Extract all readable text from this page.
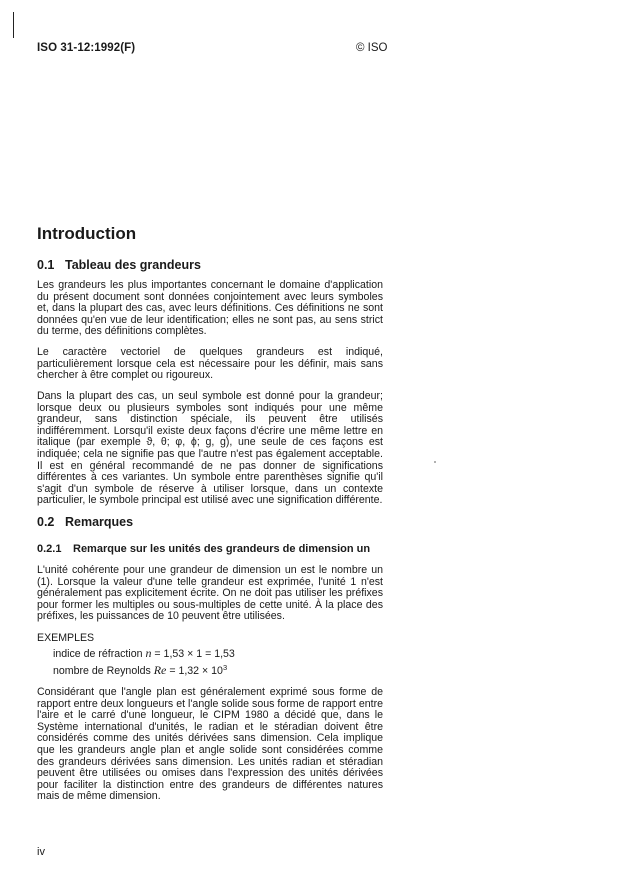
ISO 31-12:1992(F)	© ISO
Introduction
0.1 Tableau des grandeurs

Les grandeurs les plus importantes concernant le domaine d'application du présent document sont données conjointement avec leurs symboles et, dans la plupart des cas, avec leurs définitions. Ces définitions ne sont données qu'en vue de leur identification; elles ne sont pas, au sens strict du terme, des définitions complètes.

Le caractère vectoriel de quelques grandeurs est indiqué, particulièrement lorsque cela est nécessaire pour les définir, mais sans chercher à être complet ou rigoureux.

Dans la plupart des cas, un seul symbole est donné pour la grandeur; lorsque deux ou plusieurs symboles sont indiqués pour une même grandeur, sans distinction spéciale, ils peuvent être utilisés indifféremment. Lorsqu'il existe deux façons d'écrire une même lettre en italique (par exemple ϑ, θ; φ, ϕ; g, g), une seule de ces façons est indiquée; cela ne signifie pas que l'autre n'est pas également acceptable. Il est en général recommandé de ne pas donner de significations différentes à ces variantes. Un symbole entre parenthèses signifie qu'il s'agit d'un symbole de réserve à utiliser lorsque, dans un contexte particulier, le symbole principal est utilisé avec une signification différente.

0.2 Remarques
0.2.1 Remarque sur les unités des grandeurs de dimension un

L'unité cohérente pour une grandeur de dimension un est le nombre un (1). Lorsque la valeur d'une telle grandeur est exprimée, l'unité 1 n'est généralement pas explicitement écrite. On ne doit pas utiliser les préfixes pour former les multiples ou sous-multiples de cette unité. À la place des préfixes, les puissances de 10 peuvent être utilisées.

EXEMPLES

indice de réfraction n = 1,53 × 1 = 1,53

nombre de Reynolds $Re = 1,32 \times 10^3$

Considérant que l'angle plan est généralement exprimé sous forme de rapport entre deux longueurs et l'angle solide sous forme de rapport entre l'aire et le carré d'une longueur, le CIPM 1980 a décidé que, dans le Système international d'unités, le radian et le stéradian doivent être considérés comme des unités dérivées sans dimension. Cela implique que les grandeurs angle plan et angle solide sont considérées comme des grandeurs dérivées sans dimension. Les unités radian et stéradian peuvent être utilisées ou omises dans l'expression des unités dérivées pour faciliter la distinction entre des grandeurs de différentes natures mais de même dimension.

iv
